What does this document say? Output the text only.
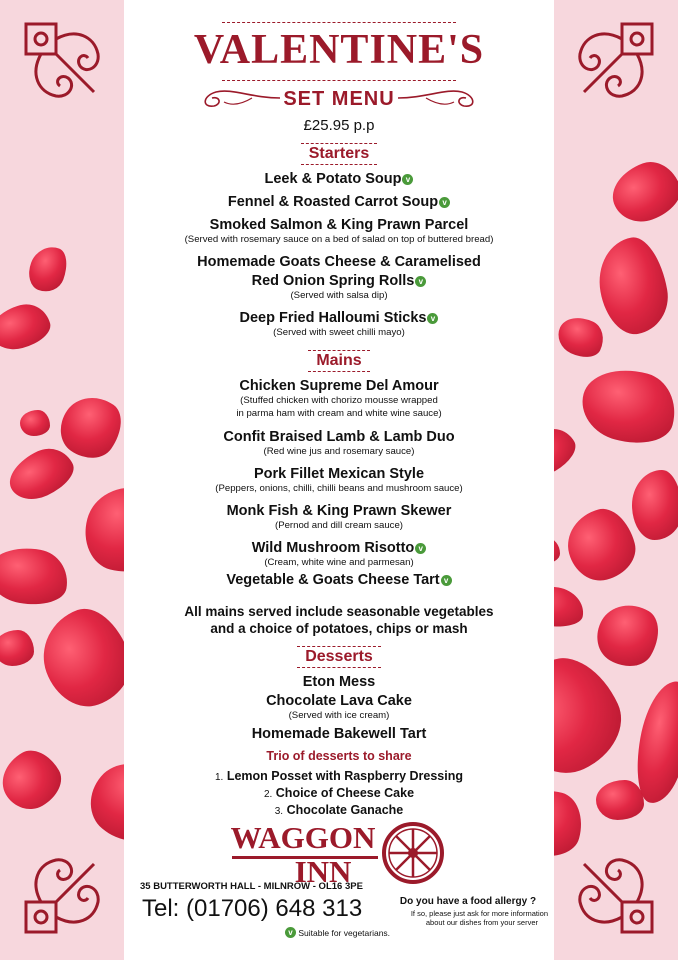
VALENTINE'S
SET MENU
£25.95 p.p
Starters
Leek & Potato Soup v
Fennel & Roasted Carrot Soup v
Smoked Salmon & King Prawn Parcel
(Served with rosemary sauce on a bed of salad on top of buttered bread)
Homemade Goats Cheese & Caramelised
Red Onion Spring Rolls v
(Served with salsa dip)
Deep Fried Halloumi Sticks v
(Served with sweet chilli mayo)
Mains
Chicken Supreme Del Amour
(Stuffed chicken with chorizo mousse wrapped
in parma ham with cream and white wine sauce)
Confit Braised Lamb & Lamb Duo
(Red wine jus and rosemary sauce)
Pork Fillet Mexican Style
(Peppers, onions, chilli, chilli beans and mushroom sauce)
Monk Fish & King Prawn Skewer
(Pernod and dill cream sauce)
Wild Mushroom Risotto v
(Cream, white wine and parmesan)
Vegetable & Goats Cheese Tart v
All mains served include seasonable vegetables
and a choice of potatoes, chips or mash
Desserts
Eton Mess
Chocolate Lava Cake
(Served with ice cream)
Homemade Bakewell Tart
Trio of desserts to share
1. Lemon Posset with Raspberry Dressing
2. Choice of Cheese Cake
3. Chocolate Ganache
WAGGON
INN
35 BUTTERWORTH HALL - MILNROW - OL16 3PE
Tel: (01706) 648 313	Do you have a food allergy ?
If so, please just ask for more information
about our dishes from your server
v Suitable for vegetarians.
